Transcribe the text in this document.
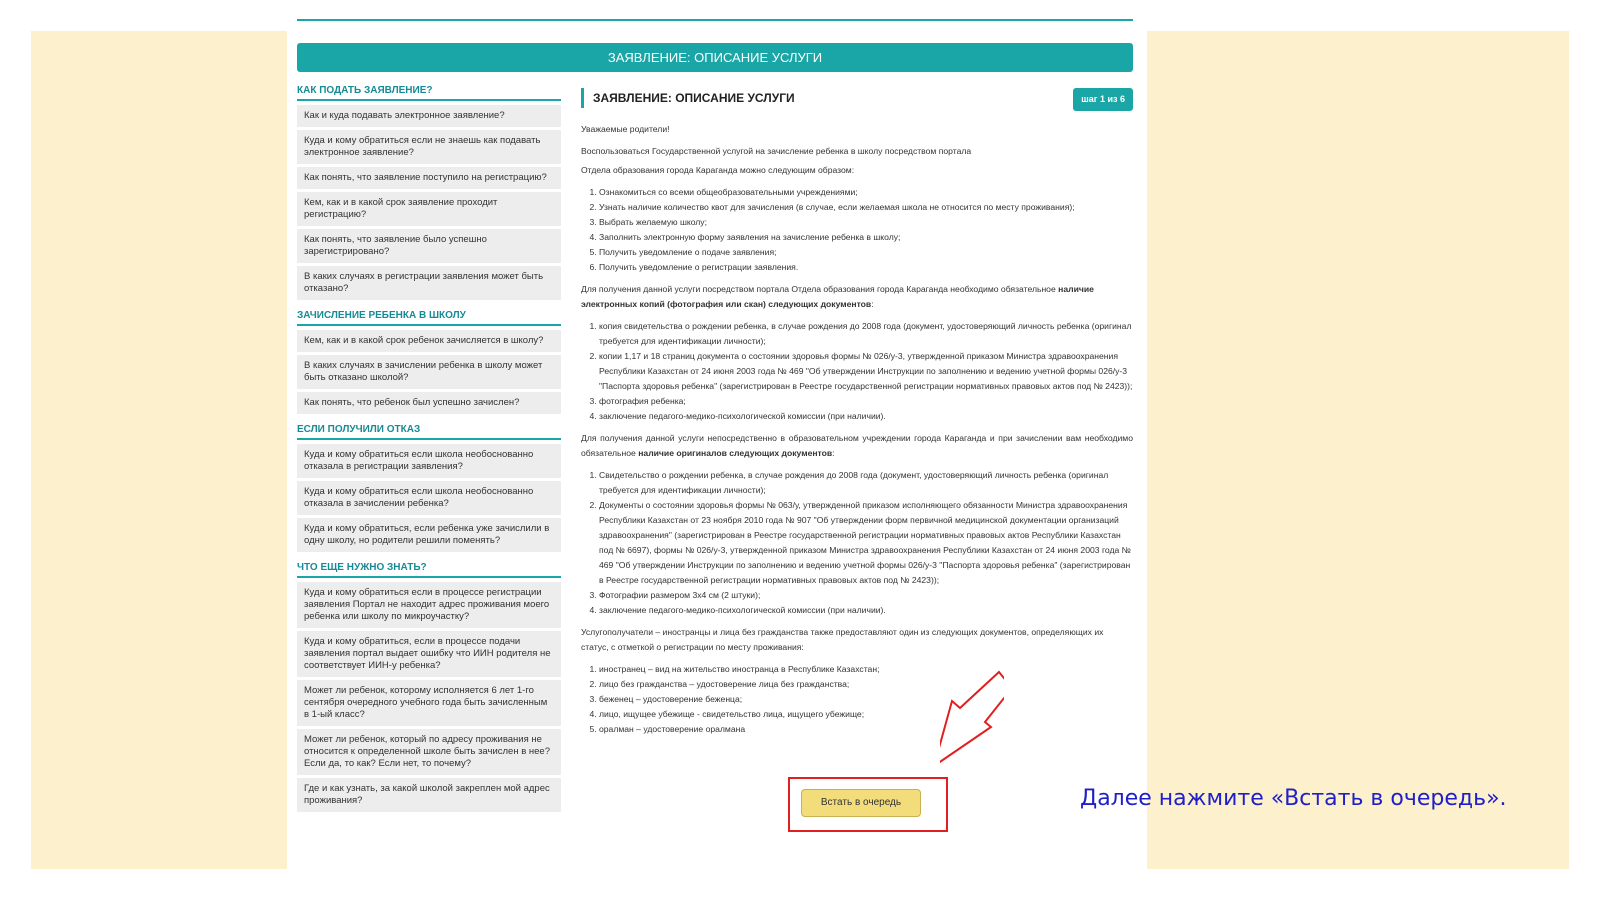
ЗАЯВЛЕНИЕ: ОПИСАНИЕ УСЛУГИ
КАК ПОДАТЬ ЗАЯВЛЕНИЕ?
Как и куда подавать электронное заявление?
Куда и кому обратиться если не знаешь как подавать электронное заявление?
Как понять, что заявление поступило на регистрацию?
Кем, как и в какой срок заявление проходит регистрацию?
Как понять, что заявление было успешно зарегистрировано?
В каких случаях в регистрации заявления может быть отказано?
ЗАЧИСЛЕНИЕ РЕБЕНКА В ШКОЛУ
Кем, как и в какой срок ребенок зачисляется в школу?
В каких случаях в зачислении ребенка в школу может быть отказано школой?
Как понять, что ребенок был успешно зачислен?
ЕСЛИ ПОЛУЧИЛИ ОТКАЗ
Куда и кому обратиться если школа необоснованно отказала в регистрации заявления?
Куда и кому обратиться если школа необоснованно отказала в зачислении ребенка?
Куда и кому обратиться, если ребенка уже зачислили в одну школу, но родители решили поменять?
ЧТО ЕЩЕ НУЖНО ЗНАТЬ?
Куда и кому обратиться если в процессе регистрации заявления Портал не находит адрес проживания моего ребенка или школу по микроучастку?
Куда и кому обратиться, если в процессе подачи заявления портал выдает ошибку что ИИН родителя не соответствует ИИН-у ребенка?
Может ли ребенок, которому исполняется 6 лет 1-го сентября очередного учебного года быть зачисленным в 1-ый класс?
Может ли ребенок, который по адресу проживания не относится к определенной школе быть зачислен в нее? Если да, то как? Если нет, то почему?
Где и как узнать, за какой школой закреплен мой адрес проживания?
ЗАЯВЛЕНИЕ: ОПИСАНИЕ УСЛУГИ	шаг 1 из 6

Уважаемые родители!

Воспользоваться Государственной услугой на зачисление ребенка в школу посредством портала

Отдела образования города Караганда можно следующим образом:

1. Ознакомиться со всеми общеобразовательными учреждениями;
2. Узнать наличие количество квот для зачисления (в случае, если желаемая школа не относится по месту проживания);
3. Выбрать желаемую школу;
4. Заполнить электронную форму заявления на зачисление ребенка в школу;
5. Получить уведомление о подаче заявления;
6. Получить уведомление о регистрации заявления.

Для получения данной услуги посредством портала Отдела образования города Караганда необходимо обязательное наличие электронных копий (фотография или скан) следующих документов:

1. копия свидетельства о рождении ребенка, в случае рождения до 2008 года (документ, удостоверяющий личность ребенка (оригинал требуется для идентификации личности);
2. копии 1,17 и 18 страниц документа о состоянии здоровья формы № 026/у-3, утвержденной приказом Министра здравоохранения Республики Казахстан от 24 июня 2003 года № 469 "Об утверждении Инструкции по заполнению и ведению учетной формы 026/у-3 "Паспорта здоровья ребенка" (зарегистрирован в Реестре государственной регистрации нормативных правовых актов под № 2423));
3. фотография ребенка;
4. заключение педагого-медико-психологической комиссии (при наличии).

Для получения данной услуги непосредственно в образовательном учреждении города Караганда и при зачислении вам необходимо обязательное наличие оригиналов следующих документов:

1. Свидетельство о рождении ребенка, в случае рождения до 2008 года (документ, удостоверяющий личность ребенка (оригинал требуется для идентификации личности);
2. Документы о состоянии здоровья формы № 063/у, утвержденной приказом исполняющего обязанности Министра здравоохранения Республики Казахстан от 23 ноября 2010 года № 907 "Об утверждении форм первичной медицинской документации организаций здравоохранения" (зарегистрирован в Реестре государственной регистрации нормативных правовых актов Республики Казахстан под № 6697), формы № 026/у-3, утвержденной приказом Министра здравоохранения Республики Казахстан от 24 июня 2003 года № 469 "Об утверждении Инструкции по заполнению и ведению учетной формы 026/у-3 "Паспорта здоровья ребенка" (зарегистрирован в Реестре государственной регистрации нормативных правовых актов под № 2423));
3. Фотографии размером 3х4 см (2 штуки);
4. заключение педагого-медико-психологической комиссии (при наличии).

Услугополучатели – иностранцы и лица без гражданства также предоставляют один из следующих документов, определяющих их статус, с отметкой о регистрации по месту проживания:

1. иностранец – вид на жительство иностранца в Республике Казахстан;
2. лицо без гражданства – удостоверение лица без гражданства;
3. беженец – удостоверение беженца;
4. лицо, ищущее убежище - свидетельство лица, ищущего убежище;
5. оралман – удостоверение оралмана
Встать в очередь	Далее нажмите «Встать в очередь».
